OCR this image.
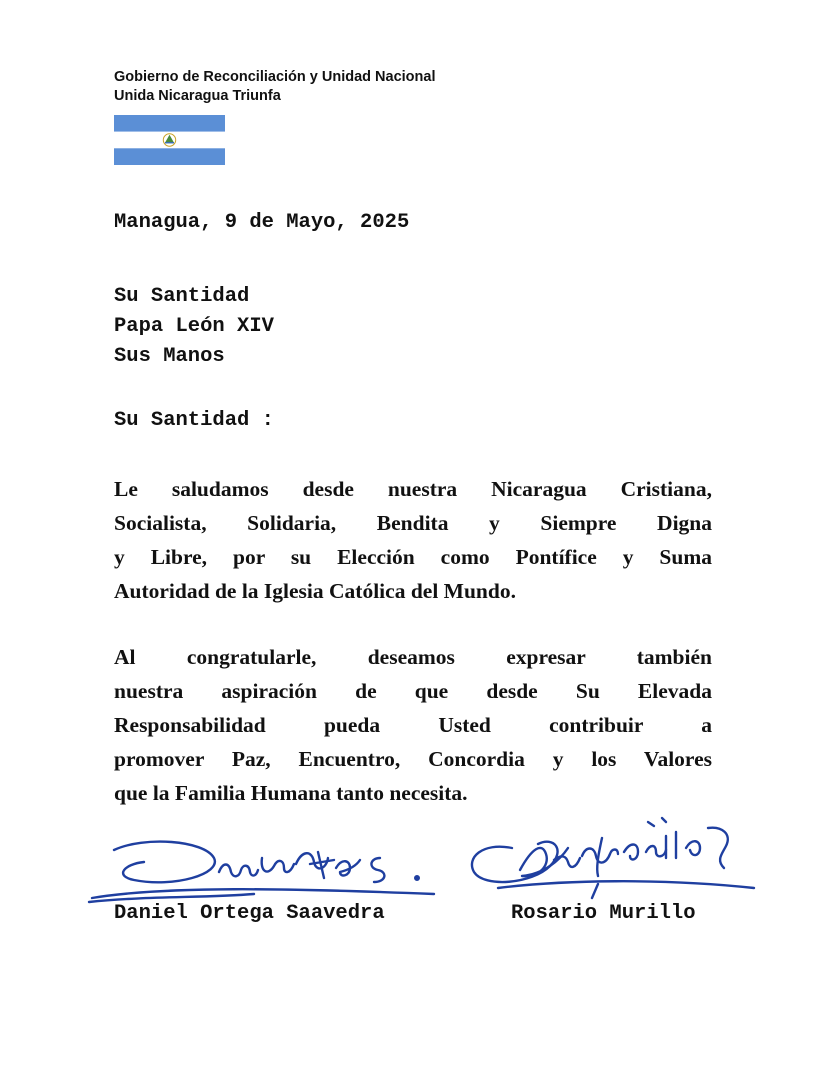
Gobierno de Reconciliación y Unidad Nacional
Unida Nicaragua Triunfa
Managua, 9 de Mayo, 2025
Su Santidad
Papa León XIV
Sus Manos
Su Santidad :
Le saludamos desde nuestra Nicaragua Cristiana,
Socialista, Solidaria, Bendita y Siempre Digna
y Libre, por su Elección como Pontífice y Suma
Autoridad de la Iglesia Católica del Mundo.
Al congratularle, deseamos expresar también
nuestra aspiración de que desde Su Elevada
Responsabilidad pueda Usted contribuir a
promover Paz, Encuentro, Concordia y los Valores
que la Familia Humana tanto necesita.
Daniel Ortega Saavedra	Rosario Murillo
